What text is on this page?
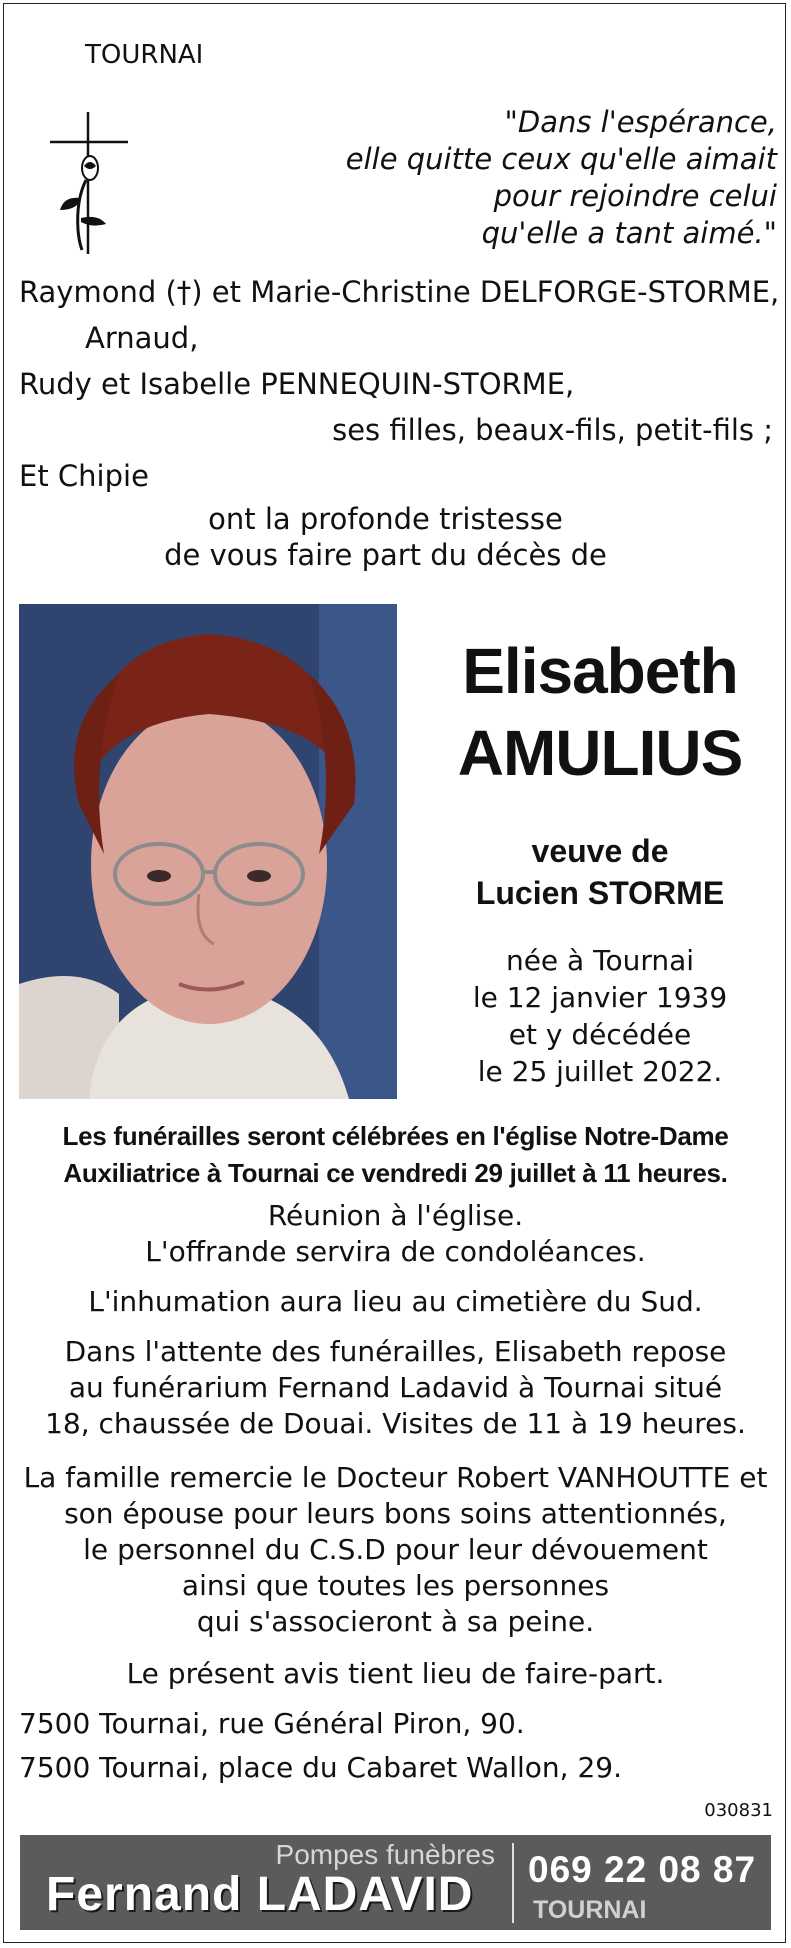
TOURNAI
"Dans l'espérance,
elle quitte ceux qu'elle aimait
pour rejoindre celui
qu'elle a tant aimé."
Raymond (†) et Marie-Christine DELFORGE-STORME,
Arnaud,
Rudy et Isabelle PENNEQUIN-STORME,
ses filles, beaux-fils, petit-fils ;
Et Chipie
ont la profonde tristesse
de vous faire part du décès de
Elisabeth
AMULIUS
veuve de
Lucien STORME
née à Tournai
le 12 janvier 1939
et y décédée
le 25 juillet 2022.
Les funérailles seront célébrées en l'église Notre-Dame
Auxiliatrice à Tournai ce vendredi 29 juillet à 11 heures.
Réunion à l'église.
L'offrande servira de condoléances.
L'inhumation aura lieu au cimetière du Sud.
Dans l'attente des funérailles, Elisabeth repose
au funérarium Fernand Ladavid à Tournai situé
18, chaussée de Douai. Visites de 11 à 19 heures.
La famille remercie le Docteur Robert VANHOUTTE et
son épouse pour leurs bons soins attentionnés,
le personnel du C.S.D pour leur dévouement
ainsi que toutes les personnes
qui s'associeront à sa peine.
Le présent avis tient lieu de faire-part.
7500 Tournai, rue Général Piron, 90.
7500 Tournai, place du Cabaret Wallon, 29.
030831
Pompes funèbres
Fernand LADAVID 069 22 08 87
TOURNAI
